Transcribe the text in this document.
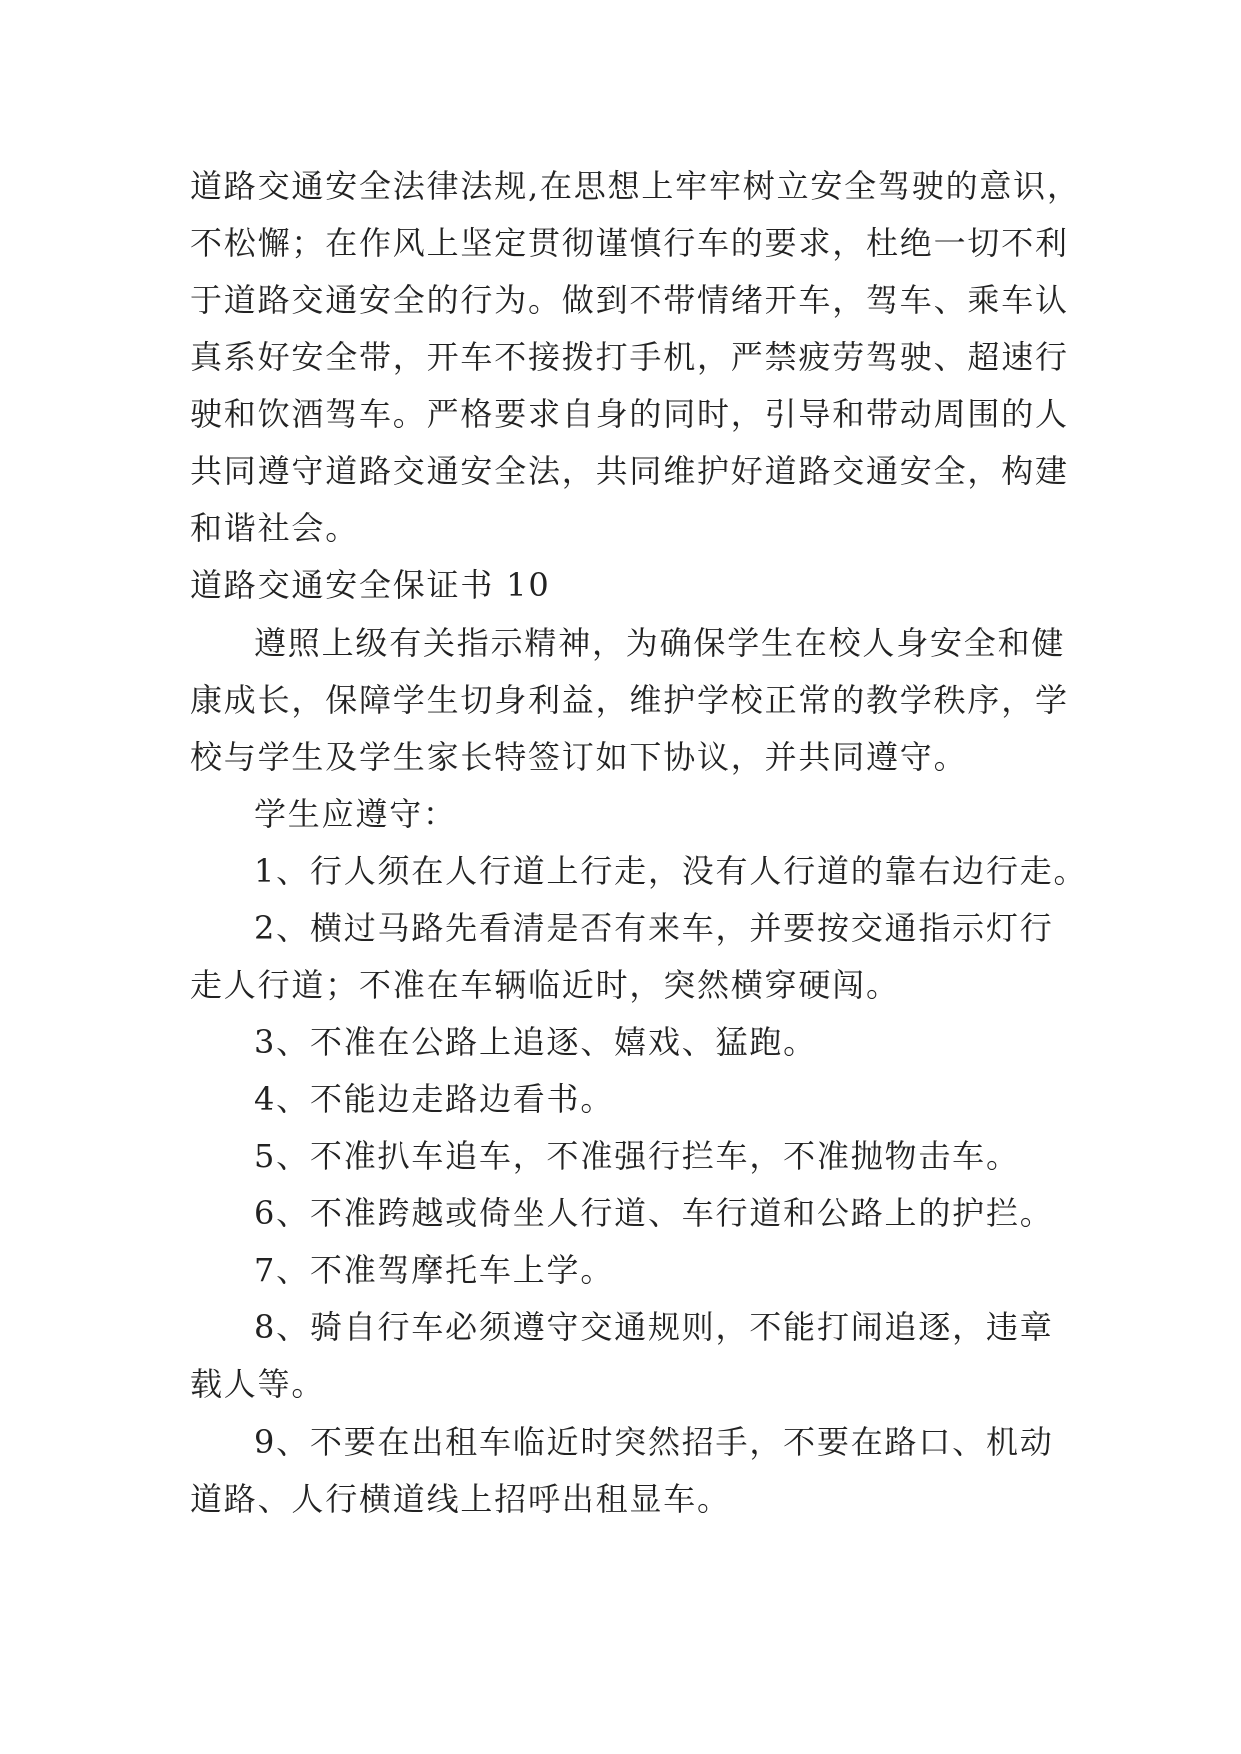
道路交通安全法律法规,在思想上牢牢树立安全驾驶的意识，

不松懈；在作风上坚定贯彻谨慎行车的要求，杜绝一切不利

于道路交通安全的行为。做到不带情绪开车，驾车、乘车认

真系好安全带，开车不接拨打手机，严禁疲劳驾驶、超速行

驶和饮酒驾车。严格要求自身的同时，引导和带动周围的人

共同遵守道路交通安全法，共同维护好道路交通安全，构建

和谐社会。

道路交通安全保证书 10

遵照上级有关指示精神，为确保学生在校人身安全和健

康成长，保障学生切身利益，维护学校正常的教学秩序，学

校与学生及学生家长特签订如下协议，并共同遵守。

学生应遵守：

1、行人须在人行道上行走，没有人行道的靠右边行走。

2、横过马路先看清是否有来车，并要按交通指示灯行

走人行道；不准在车辆临近时，突然横穿硬闯。

3、不准在公路上追逐、嬉戏、猛跑。

4、不能边走路边看书。

5、不准扒车追车，不准强行拦车，不准抛物击车。

6、不准跨越或倚坐人行道、车行道和公路上的护拦。

7、不准驾摩托车上学。

8、骑自行车必须遵守交通规则，不能打闹追逐，违章

载人等。

9、不要在出租车临近时突然招手，不要在路口、机动

道路、人行横道线上招呼出租显车。
